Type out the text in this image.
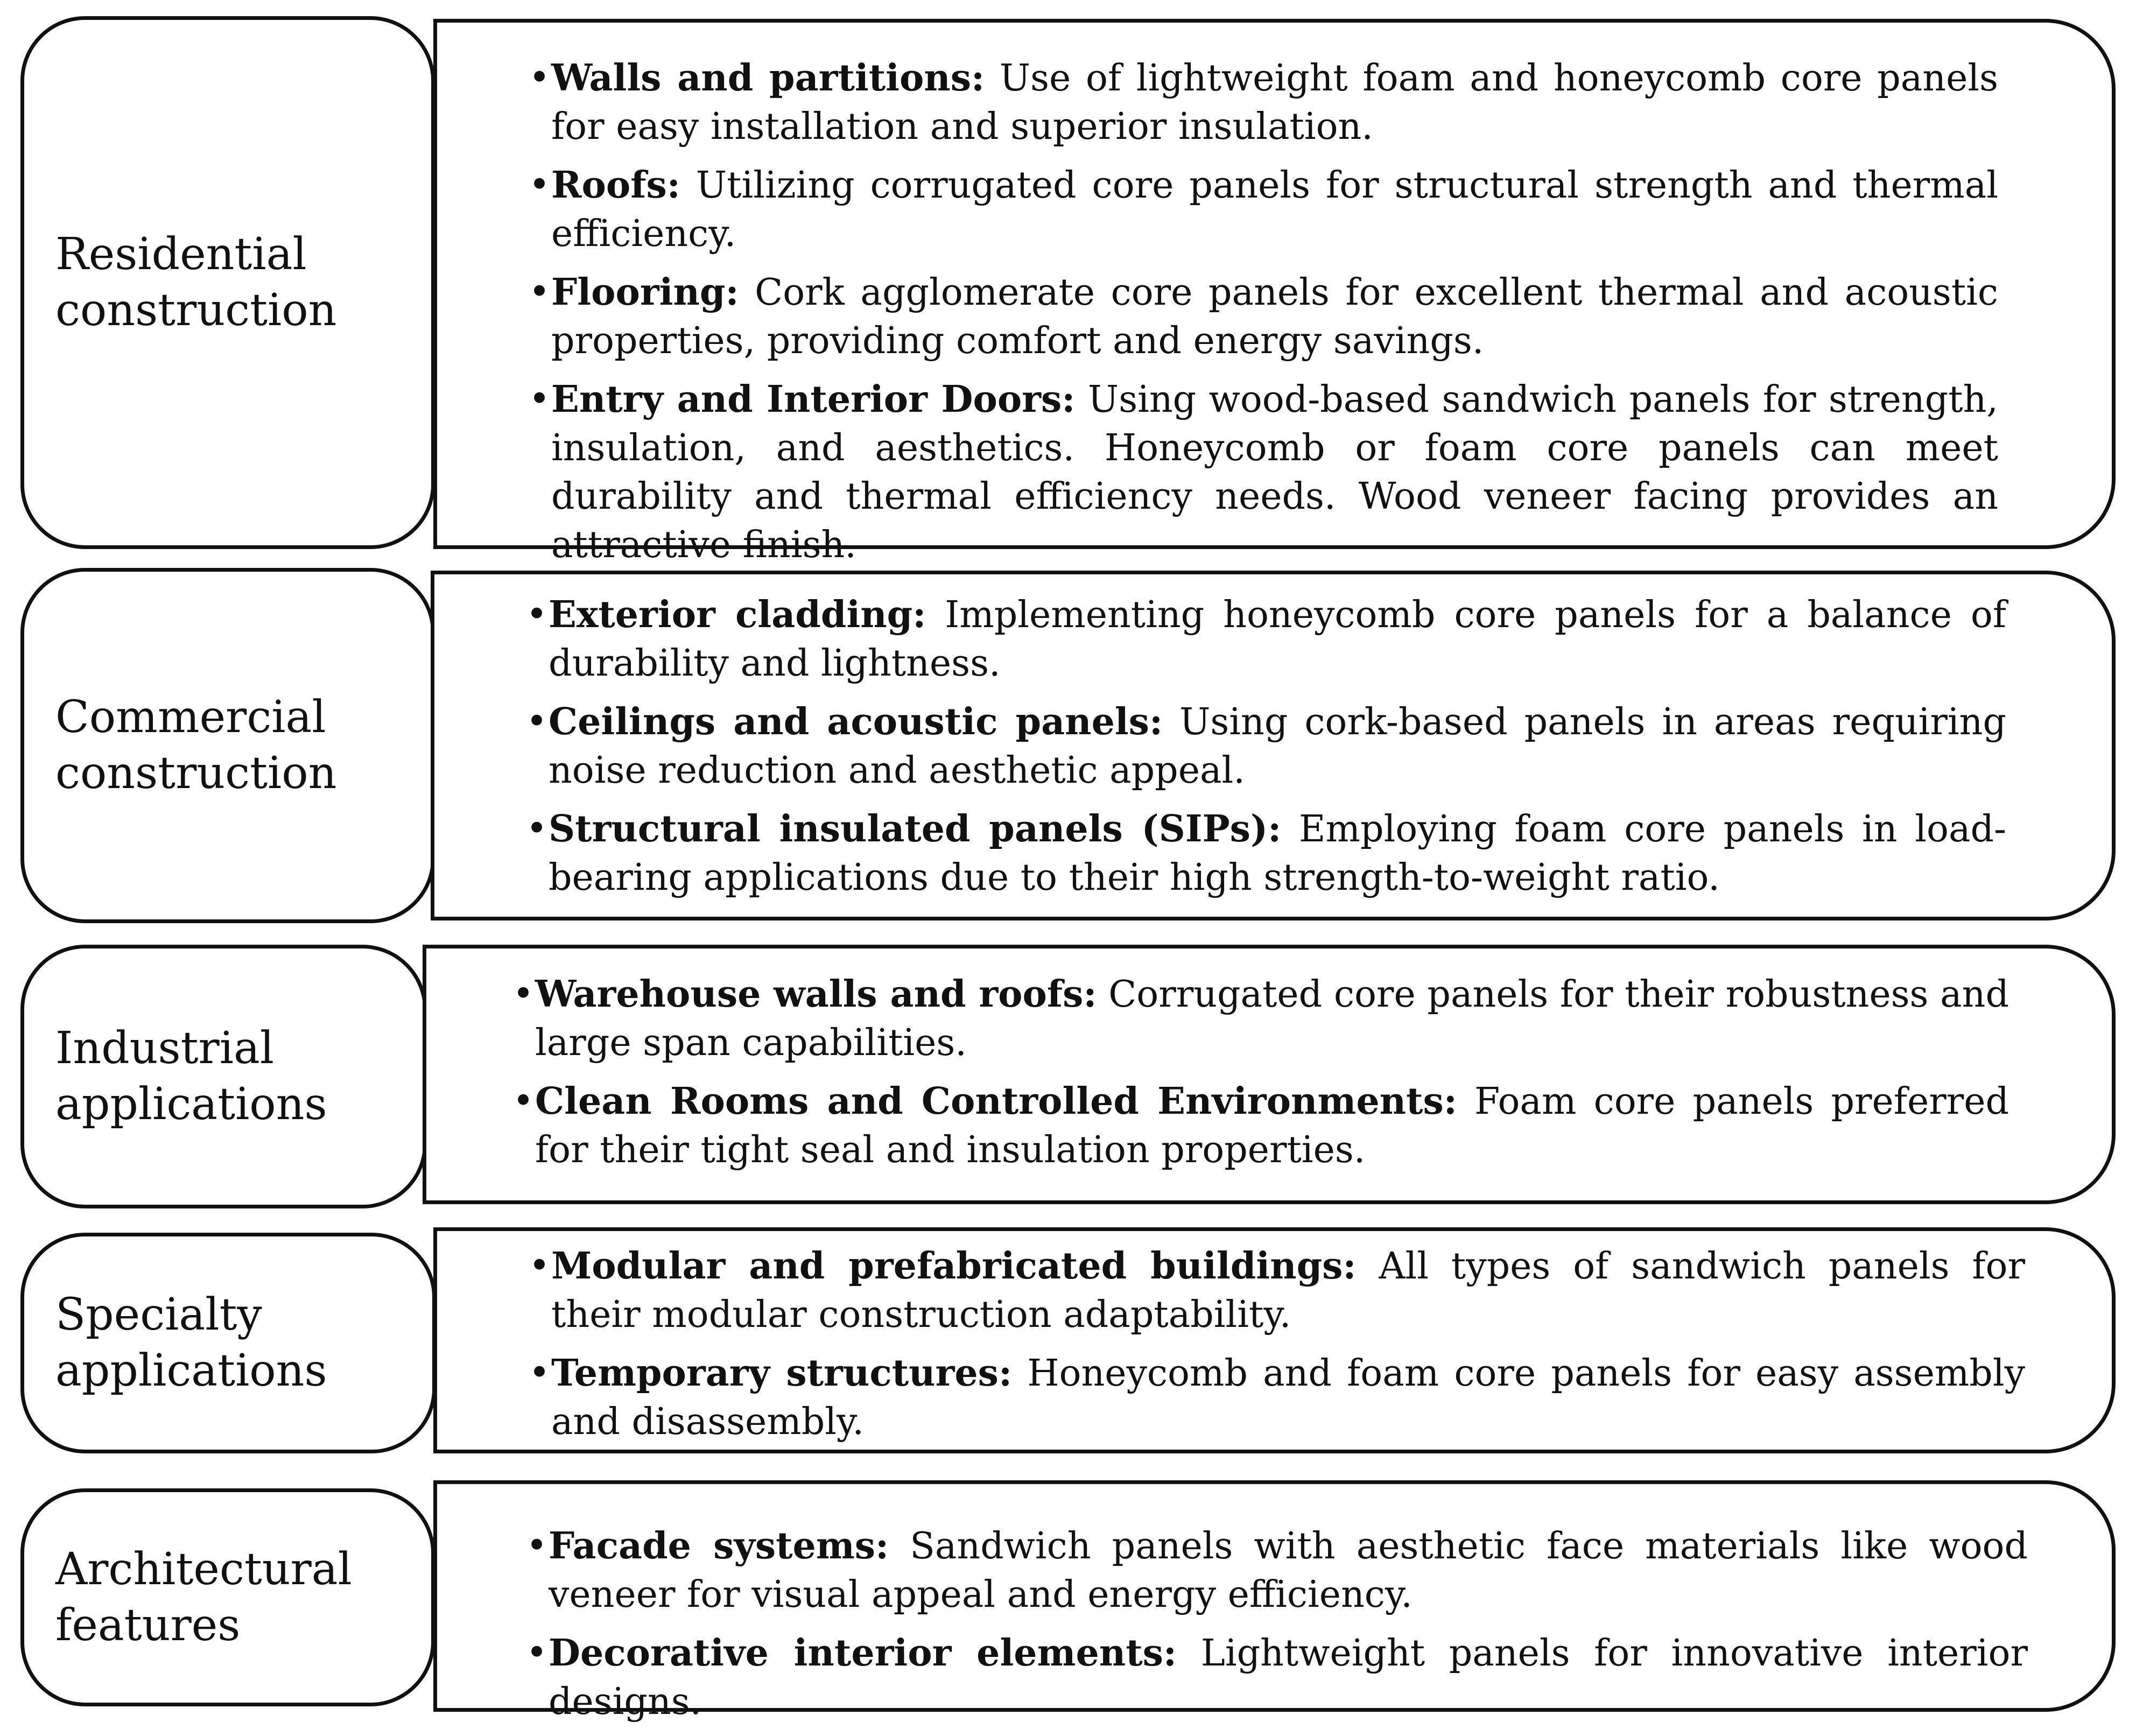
Residential
construction
• Walls and partitions: Use of lightweight foam and honeycomb core panels for easy installation and superior insulation.
• Roofs: Utilizing corrugated core panels for structural strength and thermal efficiency.
• Flooring: Cork agglomerate core panels for excellent thermal and acoustic properties, providing comfort and energy savings.
• Entry and Interior Doors: Using wood-based sandwich panels for strength, insulation, and aesthetics. Honeycomb or foam core panels can meet durability and thermal efficiency needs. Wood veneer facing provides an attractive finish.
Commercial
construction
• Exterior cladding: Implementing honeycomb core panels for a balance of durability and lightness.
• Ceilings and acoustic panels: Using cork-based panels in areas requiring noise reduction and aesthetic appeal.
• Structural insulated panels (SIPs): Employing foam core panels in load-bearing applications due to their high strength-to-weight ratio.
Industrial
applications
• Warehouse walls and roofs: Corrugated core panels for their robustness and large span capabilities.
• Clean Rooms and Controlled Environments: Foam core panels preferred for their tight seal and insulation properties.
Specialty
applications
• Modular and prefabricated buildings: All types of sandwich panels for their modular construction adaptability.
• Temporary structures: Honeycomb and foam core panels for easy assembly and disassembly.
Architectural
features
• Facade systems: Sandwich panels with aesthetic face materials like wood veneer for visual appeal and energy efficiency.
• Decorative interior elements: Lightweight panels for innovative interior designs.
